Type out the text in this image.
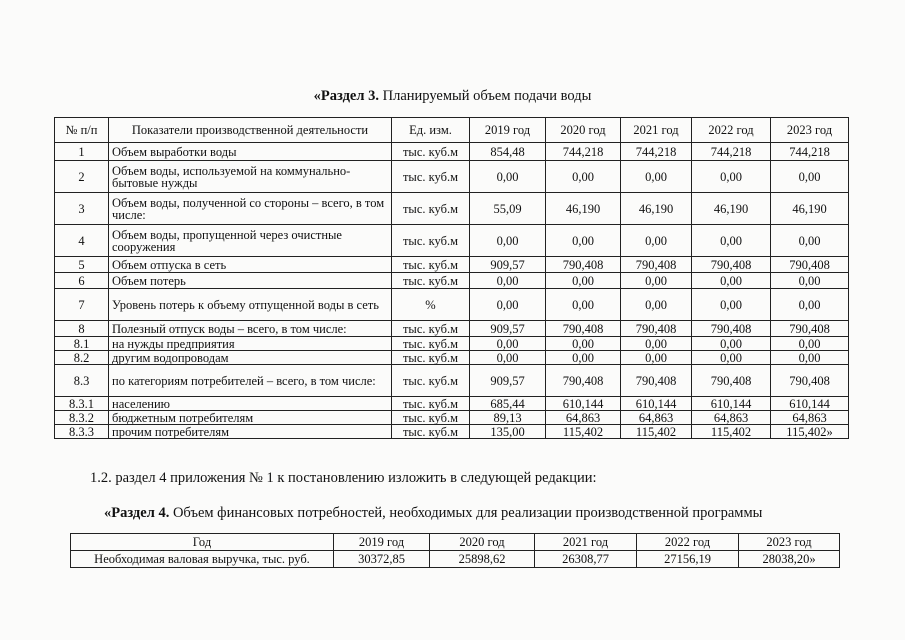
«Раздел 3. Планируемый объем подачи воды
№ п/п	Показатели производственной деятельности	Ед. изм.	2019 год	2020 год	2021 год	2022 год	2023 год
1	Объем выработки воды	тыс. куб.м	854,48	744,218	744,218	744,218	744,218
2	Объем воды, используемой на коммунально-бытовые нужды	тыс. куб.м	0,00	0,00	0,00	0,00	0,00
3	Объем воды, полученной со стороны – всего, в том числе:	тыс. куб.м	55,09	46,190	46,190	46,190	46,190
4	Объем воды, пропущенной через очистные сооружения	тыс. куб.м	0,00	0,00	0,00	0,00	0,00
5	Объем отпуска в сеть	тыс. куб.м	909,57	790,408	790,408	790,408	790,408
6	Объем потерь	тыс. куб.м	0,00	0,00	0,00	0,00	0,00
7	Уровень потерь к объему отпущенной воды в сеть	%	0,00	0,00	0,00	0,00	0,00
8	Полезный отпуск воды – всего, в том числе:	тыс. куб.м	909,57	790,408	790,408	790,408	790,408
8.1	на нужды предприятия	тыс. куб.м	0,00	0,00	0,00	0,00	0,00
8.2	другим водопроводам	тыс. куб.м	0,00	0,00	0,00	0,00	0,00
8.3	по категориям потребителей – всего, в том числе:	тыс. куб.м	909,57	790,408	790,408	790,408	790,408
8.3.1	населению	тыс. куб.м	685,44	610,144	610,144	610,144	610,144
8.3.2	бюджетным потребителям	тыс. куб.м	89,13	64,863	64,863	64,863	64,863
8.3.3	прочим потребителям	тыс. куб.м	135,00	115,402	115,402	115,402	115,402»
1.2. раздел 4 приложения № 1 к постановлению изложить в следующей редакции:
«Раздел 4. Объем финансовых потребностей, необходимых для реализации производственной программы
Год	2019 год	2020 год	2021 год	2022 год	2023 год
Необходимая валовая выручка, тыс. руб.	30372,85	25898,62	26308,77	27156,19	28038,20»
